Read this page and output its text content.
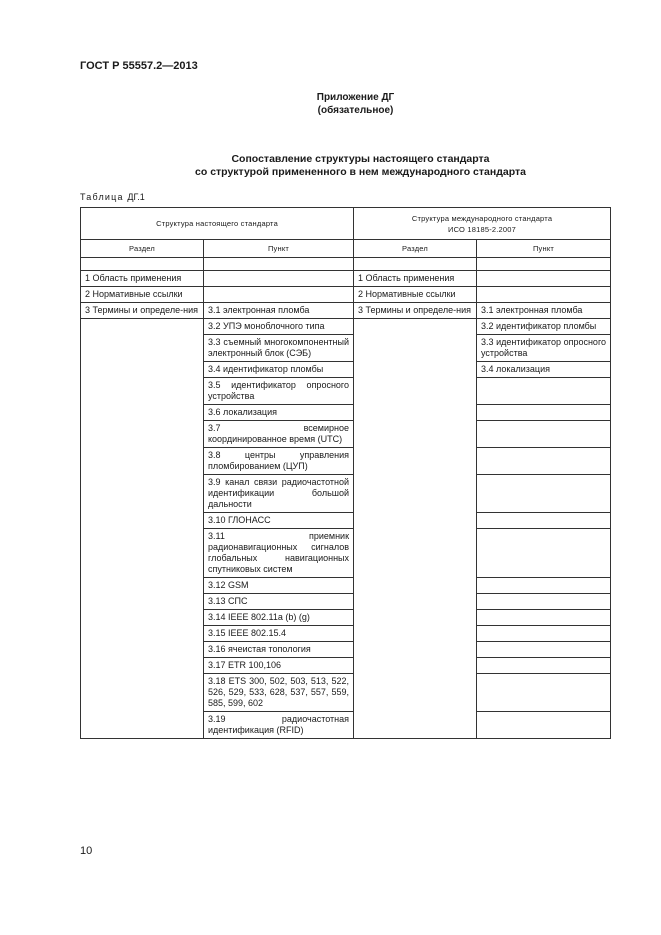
ГОСТ Р 55557.2—2013
Приложение ДГ
(обязательное)
Сопоставление структуры настоящего стандарта
со структурой примененного в нем международного стандарта
Таблица ДГ.1
Структура настоящего стандарта		Структура международного стандарта
ИСО 18185-2.2007	

Раздел	Пункт	Раздел	Пункт

1 Область применения		1 Область применения	
2 Нормативные ссылки		2 Нормативные ссылки	
3 Термины и определе-ния	3.1 электронная пломба	3 Термины и определе-ния	3.1 электронная пломба
	3.2 УПЭ моноблочного типа		3.2 идентификатор пломбы
	3.3 съемный многокомпонентный электронный блок (СЭБ)		3.3 идентификатор опросного устройства
	3.4 идентификатор пломбы		3.4 локализация
	3.5 идентификатор опросного устройства		
	3.6 локализация		
	3.7 всемирное координированное время (UTC)		
	3.8 центры управления пломбированием (ЦУП)		
	3.9 канал связи радиочастотной идентификации большой дальности		
	3.10 ГЛОНАСС		
	3.11 приемник радионавигационных сигналов глобальных навигационных спутниковых систем		
	3.12 GSM		
	3.13 СПС		
	3.14 IEEE 802.11a (b) (g)		
	3.15 IEEE 802.15.4		
	3.16 ячеистая топология		
	3.17 ETR 100,106		
	3.18 ETS 300, 502, 503, 513, 522, 526, 529, 533, 628, 537, 557, 559, 585, 599, 602		
	3.19 радиочастотная идентификация (RFID)		
10
